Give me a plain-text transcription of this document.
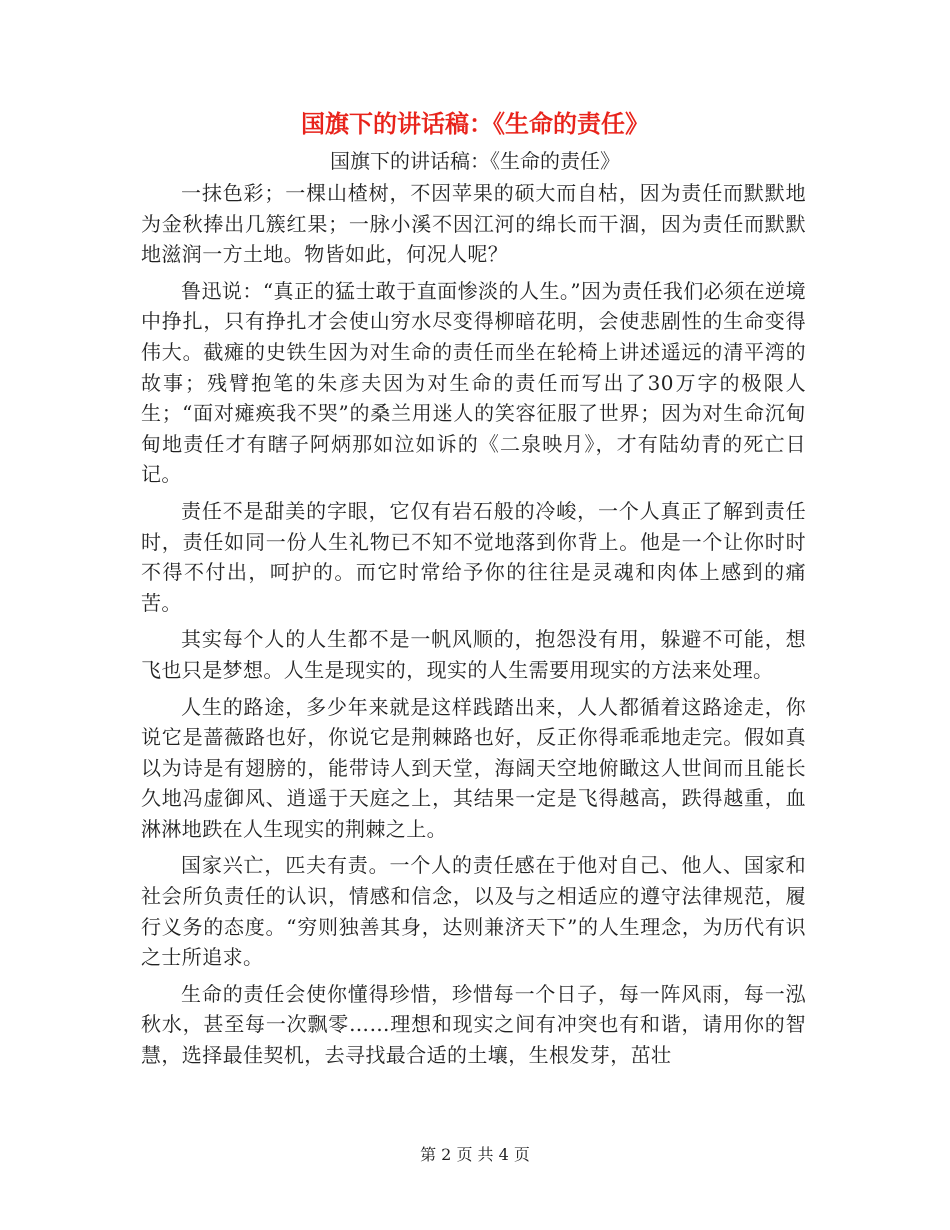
国旗下的讲话稿：《生命的责任》
国旗下的讲话稿：《生命的责任》

一抹色彩；一棵山楂树，不因苹果的硕大而自枯，因为责任而默默地为金秋捧出几簇红果；一脉小溪不因江河的绵长而干涸，因为责任而默默地滋润一方土地。物皆如此，何况人呢？

鲁迅说：“真正的猛士敢于直面惨淡的人生。”因为责任我们必须在逆境中挣扎，只有挣扎才会使山穷水尽变得柳暗花明，会使悲剧性的生命变得伟大。截瘫的史铁生因为对生命的责任而坐在轮椅上讲述遥远的清平湾的故事；残臂抱笔的朱彦夫因为对生命的责任而写出了30万字的极限人生；“面对瘫痪我不哭”的桑兰用迷人的笑容征服了世界；因为对生命沉甸甸地责任才有瞎子阿炳那如泣如诉的《二泉映月》，才有陆幼青的死亡日记。

责任不是甜美的字眼，它仅有岩石般的冷峻，一个人真正了解到责任时，责任如同一份人生礼物已不知不觉地落到你背上。他是一个让你时时不得不付出，呵护的。而它时常给予你的往往是灵魂和肉体上感到的痛苦。

其实每个人的人生都不是一帆风顺的，抱怨没有用，躲避不可能，想飞也只是梦想。人生是现实的，现实的人生需要用现实的方法来处理。

人生的路途，多少年来就是这样践踏出来，人人都循着这路途走，你说它是蔷薇路也好，你说它是荆棘路也好，反正你得乖乖地走完。假如真以为诗是有翅膀的，能带诗人到天堂，海阔天空地俯瞰这人世间而且能长久地冯虚御风、逍遥于天庭之上，其结果一定是飞得越高，跌得越重，血淋淋地跌在人生现实的荆棘之上。

国家兴亡，匹夫有责。一个人的责任感在于他对自己、他人、国家和社会所负责任的认识，情感和信念，以及与之相适应的遵守法律规范，履行义务的态度。“穷则独善其身，达则兼济天下”的人生理念，为历代有识之士所追求。

生命的责任会使你懂得珍惜，珍惜每一个日子，每一阵风雨，每一泓秋水，甚至每一次飘零……理想和现实之间有冲突也有和谐，请用你的智慧，选择最佳契机，去寻找最合适的土壤，生根发芽，茁壮

第 2 页 共 4 页
